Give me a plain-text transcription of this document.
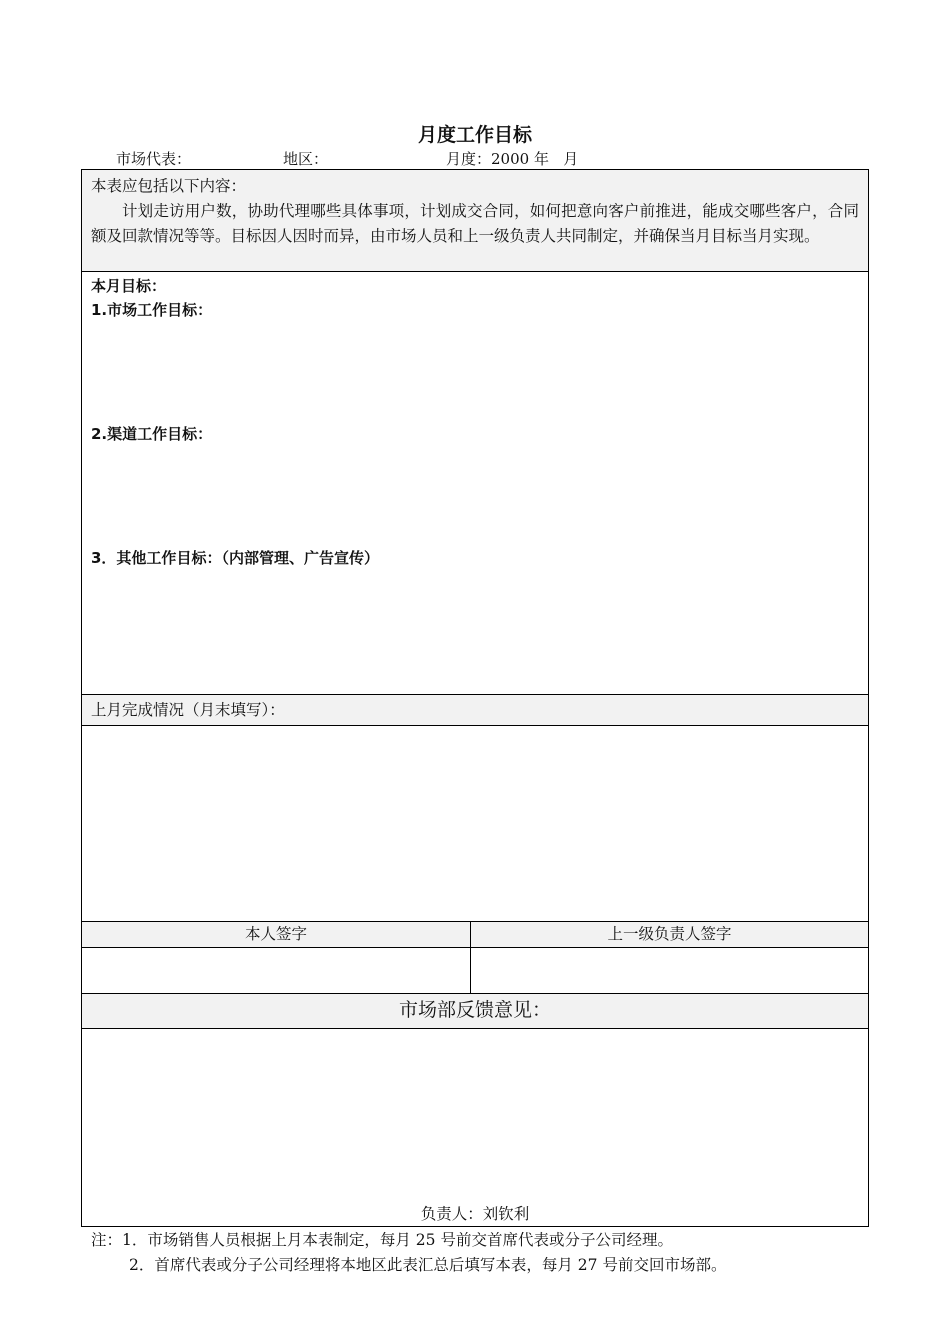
月度工作目标
市场代表：	地区：	月度：2000 年   月

本表应包括以下内容：

计划走访用户数，协助代理哪些具体事项，计划成交合同，如何把意向客户前推进，能成交哪些客户，合同额及回款情况等等。目标因人因时而异，由市场人员和上一级负责人共同制定，并确保当月目标当月实现。

本月目标：
1.市场工作目标：
2.渠道工作目标：
3．其他工作目标：（内部管理、广告宣传）
上月完成情况（月末填写）：
本人签字	上一级负责人签字
市场部反馈意见：
负责人：刘钦利
注：1．市场销售人员根据上月本表制定，每月 25 号前交首席代表或分子公司经理。
2．首席代表或分子公司经理将本地区此表汇总后填写本表，每月 27 号前交回市场部。
